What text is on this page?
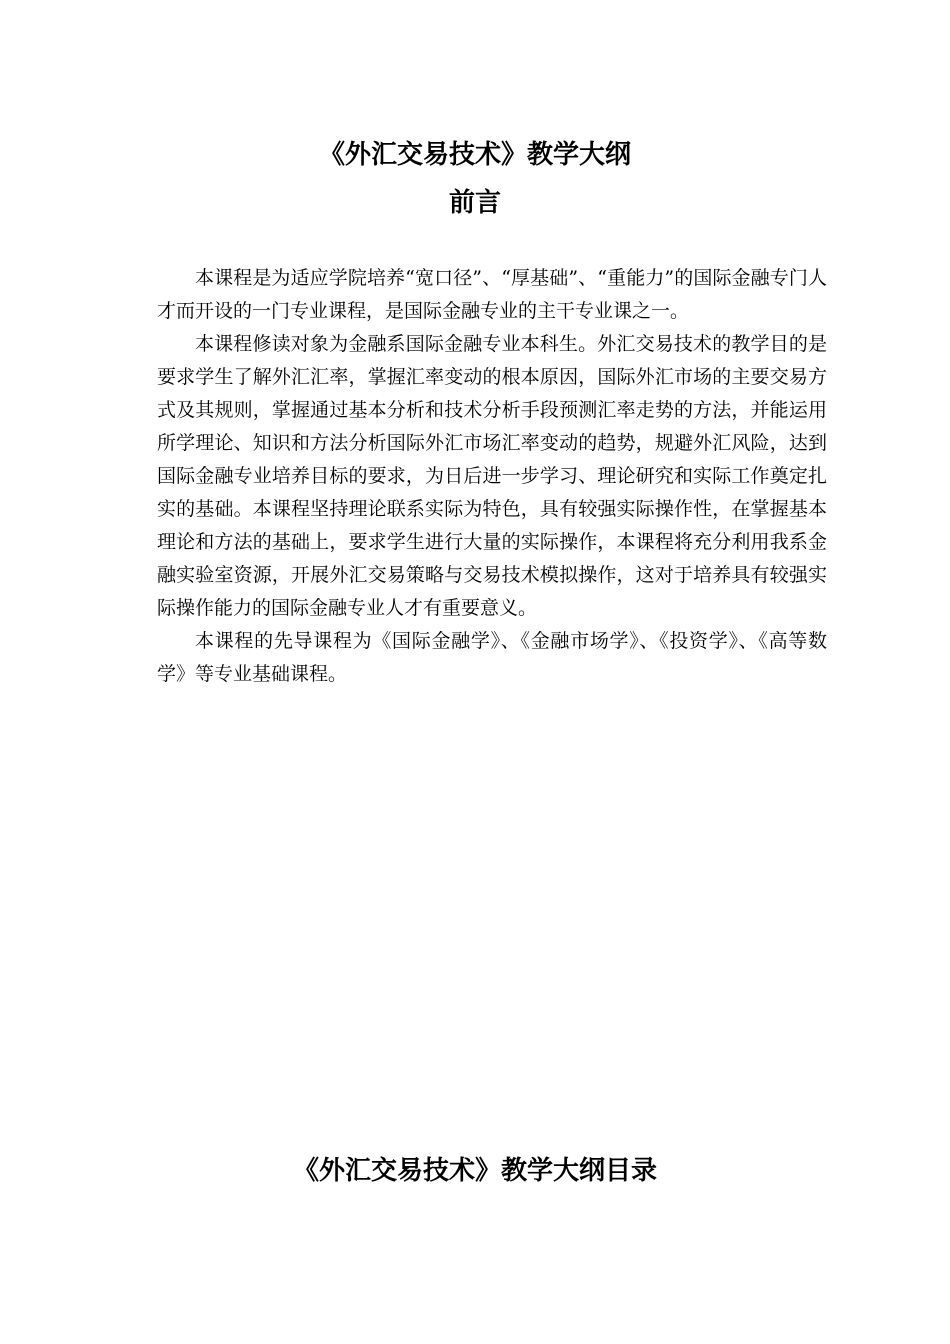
《外汇交易技术》教学大纲
前言

本课程是为适应学院培养“宽口径”、“厚基础”、“重能力”的国际金融专门人才而开设的一门专业课程，是国际金融专业的主干专业课之一。

本课程修读对象为金融系国际金融专业本科生。外汇交易技术的教学目的是要求学生了解外汇汇率，掌握汇率变动的根本原因，国际外汇市场的主要交易方式及其规则，掌握通过基本分析和技术分析手段预测汇率走势的方法，并能运用所学理论、知识和方法分析国际外汇市场汇率变动的趋势，规避外汇风险，达到国际金融专业培养目标的要求，为日后进一步学习、理论研究和实际工作奠定扎实的基础。本课程坚持理论联系实际为特色，具有较强实际操作性，在掌握基本理论和方法的基础上，要求学生进行大量的实际操作，本课程将充分利用我系金融实验室资源，开展外汇交易策略与交易技术模拟操作，这对于培养具有较强实际操作能力的国际金融专业人才有重要意义。

本课程的先导课程为《国际金融学》、《金融市场学》、《投资学》、《高等数学》等专业基础课程。

《外汇交易技术》教学大纲目录
